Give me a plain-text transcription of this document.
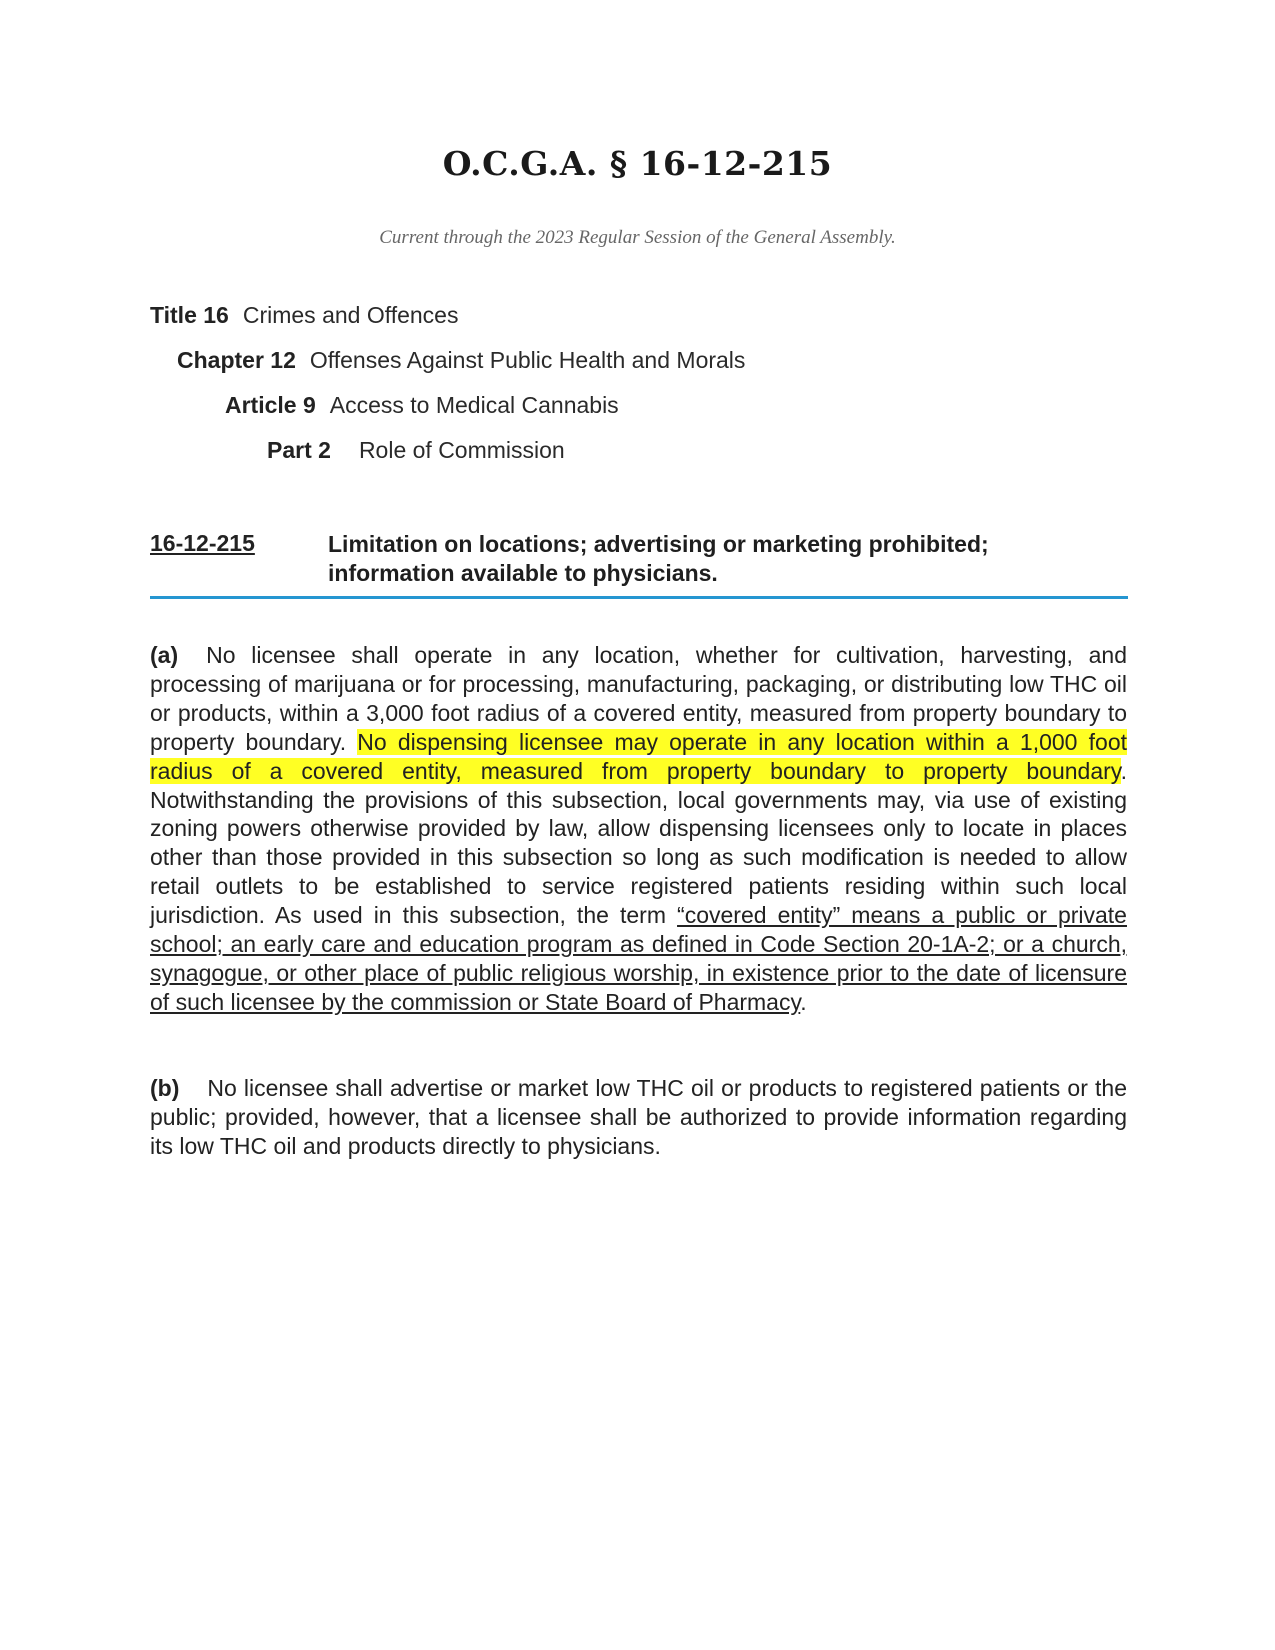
O.C.G.A. § 16-12-215
Current through the 2023 Regular Session of the General Assembly.
Title 16 Crimes and Offences
Chapter 12 Offenses Against Public Health and Morals
Article 9 Access to Medical Cannabis
Part 2 Role of Commission
16-12-215	Limitation on locations; advertising or marketing prohibited; information available to physicians.
(a) No licensee shall operate in any location, whether for cultivation, harvesting, and processing of marijuana or for processing, manufacturing, packaging, or distributing low THC oil or products, within a 3,000 foot radius of a covered entity, measured from property boundary to property boundary. No dispensing licensee may operate in any location within a 1,000 foot radius of a covered entity, measured from property boundary to property boundary. Notwithstanding the provisions of this subsection, local governments may, via use of existing zoning powers otherwise provided by law, allow dispensing licensees only to locate in places other than those provided in this subsection so long as such modification is needed to allow retail outlets to be established to service registered patients residing within such local jurisdiction. As used in this subsection, the term “covered entity” means a public or private school; an early care and education program as defined in Code Section 20-1A-2; or a church, synagogue, or other place of public religious worship, in existence prior to the date of licensure of such licensee by the commission or State Board of Pharmacy.
(b) No licensee shall advertise or market low THC oil or products to registered patients or the public; provided, however, that a licensee shall be authorized to provide information regarding its low THC oil and products directly to physicians.
